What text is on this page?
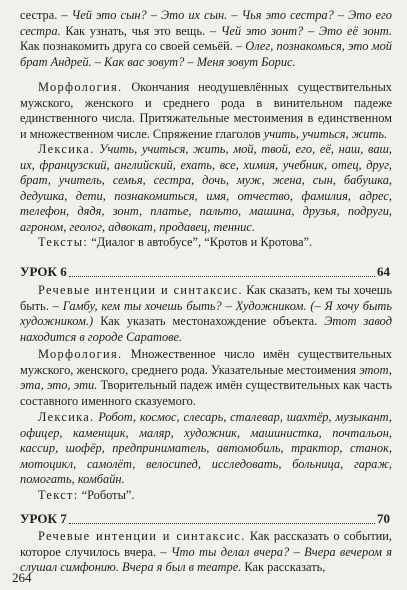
сестра. – Чей это сын? – Это их сын. – Чья это сестра? – Это его сестра. Как узнать, чья это вещь. – Чей это зонт? – Это её зонт. Как познакомить друга со своей семьёй. – Олег, познакомься, это мой брат Андрей. – Как вас зовут? – Меня зовут Борис.

Морфология. Окончания неодушевлённых существительных мужского, женского и среднего рода в винительном падеже единственного числа. Притяжательные местоимения в единственном и множественном числе. Спряжение глаголов учить, учиться, жить.

Лексика. Учить, учиться, жить, мой, твой, его, её, наш, ваш, их, французский, английский, ехать, все, химия, учебник, отец, друг, брат, учитель, семья, сестра, дочь, муж, жена, сын, бабушка, дедушка, дети, познакомиться, имя, отчество, фамилия, адрес, телефон, дядя, зонт, платье, пальто, машина, друзья, подруги, агроном, геолог, адвокат, продавец, теннис.

Тексты: “Диалог в автобусе”, “Кротов и Кротова”.

УРОК 6	64

Речевые интенции и синтаксис. Как сказать, кем ты хочешь быть. – Гамбу, кем ты хочешь быть? – Художником. (– Я хочу быть художником.) Как указать местонахождение объекта. Этот завод находится в городе Саратове.

Морфология. Множественное число имён существительных мужского, женского, среднего рода. Указательные местоимения этот, эта, это, эти. Творительный падеж имён существительных как часть составного именного сказуемого.

Лексика. Робот, космос, слесарь, сталевар, шахтёр, музыкант, офицер, каменщик, маляр, художник, машинистка, почтальон, кассир, шофёр, предприниматель, автомобиль, трактор, станок, мотоцикл, самолёт, велосипед, исследовать, больница, гараж, помогать, комбайн.

Текст: “Роботы”.

УРОК 7	70

Речевые интенции и синтаксис. Как рассказать о событии, которое случилось вчера. – Что ты делал вчера? – Вчера вечером я слушал симфонию. Вчера я был в театре. Как рассказать,

264
